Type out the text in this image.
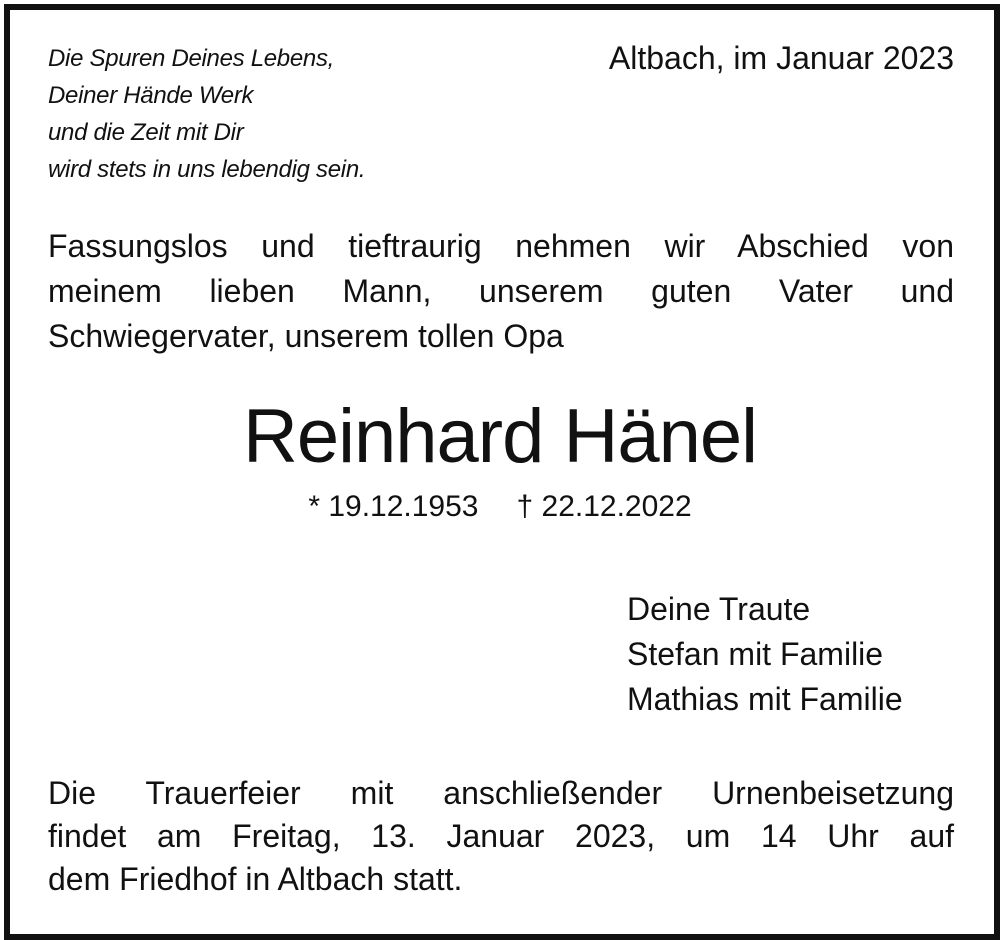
Die Spuren Deines Lebens,
Deiner Hände Werk
und die Zeit mit Dir
wird stets in uns lebendig sein.
Altbach, im Januar 2023
Fassungslos und tieftraurig nehmen wir Abschied von
meinem lieben Mann, unserem guten Vater und
Schwiegervater, unserem tollen Opa
Reinhard Hänel
* 19.12.1953 † 22.12.2022
Deine Traute
Stefan mit Familie
Mathias mit Familie
Die Trauerfeier mit anschließender Urnenbeisetzung
findet am Freitag, 13. Januar 2023, um 14 Uhr auf
dem Friedhof in Altbach statt.
